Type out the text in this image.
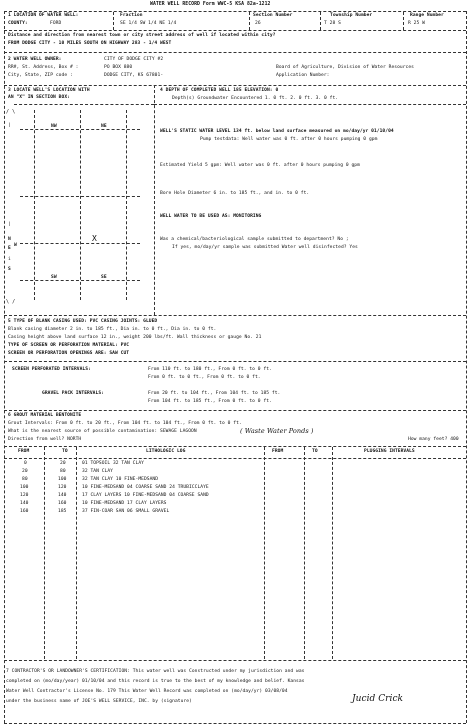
WATER WELL RECORD Form WWC-5 KSA 82a-1212
1 LOCATION OF WATER WELL:
COUNTY:	FORD
Fraction
SE 1/4 SW 1/4 NE 1/4
Section Number
26
Township Number
T 28 S
Range Number
R 25 W
Distance and direction from nearest town or city street address of well if located within city?
FROM DODGE CITY - 10 MILES SOUTH ON HIGHWAY 283 - 1/4 WEST
2 WATER WELL OWNER:	CITY OF DODGE CITY #2
RR#, St. Address, Box # :	PO BOX 880
City, State, ZIP code :	DODGE CITY, KS 67801-
Board of Agriculture, Division of Water Resources
Application Number:
3 LOCATE WELL'S LOCATION WITH
AN "X" IN SECTION BOX:
/ \
\ /
|
|
i
N
E
S
W
NW	NE
SW	SE
X
4 DEPTH OF COMPLETED WELL 185 ELEVATION: 0
Depth(s) Groundwater Encountered 1. 0 ft. 2. 0 ft. 3. 0 ft.
WELL'S STATIC WATER LEVEL 134 ft. below land surface measured on mo/day/yr 01/10/04
Pump testdata: Well water was 0 ft. after 0 hours pumping 0 gpm
Estimated Yield 5 gpm: Well water was 0 ft. after 0 hours pumping 0 gpm
Bore Hole Diameter 6 in. to 185 ft., and in. to 0 ft.
WELL WATER TO BE USED AS: MONITORING
Was a chemical/bacteriological sample submitted to department? No ;
If yes, mo/day/yr sample was submitted Water well disinfected? Yes
5 TYPE OF BLANK CASING USED: PVC CASING JOINTS: GLUED
Blank casing diameter 2 in. to 185 ft., Dia in. to 0 ft., Dia in. to 0 ft.
Casing height above land surface 12 in., weight 200 lbs/ft. Wall thickness or gauge No. 21
TYPE OF SCREEN OR PERFORATION MATERIAL: PVC
SCREEN OR PERFORATION OPENINGS ARE: SAW CUT
SCREEN PERFORATED INTERVALS:	From 110 ft. to 180 ft., From 0 ft. to 0 ft.
From 0 ft. to 0 ft., From 0 ft. to 0 ft.
GRAVEL PACK INTERVALS:	From 20 ft. to 104 ft., From 104 ft. to 185 ft.
From 104 ft. to 185 ft., From 0 ft. to 0 ft.
6 GROUT MATERIAL BENTONITE
Grout Intervals: From 0 ft. to 20 ft., From 104 ft. to 104 ft., From 0 ft. to 0 ft.
What is the nearest source of possible contamination: SEWAGE LAGOON	( Waste Water Ponds )
Direction from well? NORTH	How many feet? 400
FROM	TO	LITHOLOGIC LOG	FROM	TO	PLUGGING INTERVALS
0	20	01 TOPSOIL 32 TAN CLAY
20	80	32 TAN CLAY
80	100	32 TAN CLAY 10 FINE-MEDSAND
100	120	10 FINE-MEDSAND 04 COARSE SAND 24 TRUBICCLAYE
120	140	17 CLAY LAYERS 10 FINE-MEDSAND 04 COARSE SAND
140	160	10 FINE-MEDSAND 17 CLAY LAYERS
160	185	37 FIN-COAR SAN 06 SMALL GRAVEL
7 CONTRACTOR'S OR LANDOWNER'S CERTIFICATION: This water well was Constructed under my jurisdiction and was
completed on (mo/day/year) 01/10/04 and this record is true to the best of my knowledge and belief. Kansas
Water Well Contractor's License No. 179 This Water Well Record was completed on (mo/day/yr) 03/08/04
under the business name of JOE'S WELL SERVICE, INC. by (signature)	Jucid Crick
